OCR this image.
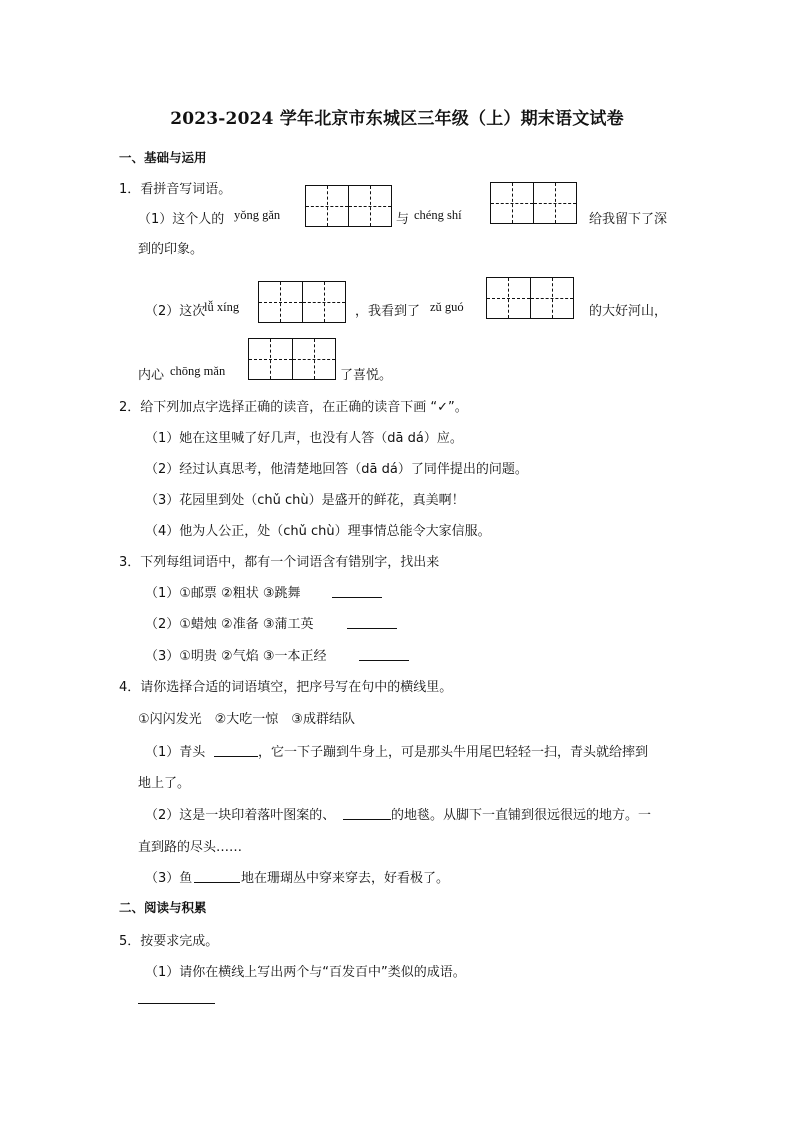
2023-2024 学年北京市东城区三年级（上）期末语文试卷
一、基础与运用
1．看拼音写词语。
（1）这个人的 yǒng gǎn	与 chéng shí	给我留下了深
到的印象。
（2）这次
lǚ xíng	，我看到了 zǔ guó	的大好河山，
内心 chōng mǎn	了喜悦。
2．给下列加点字选择正确的读音，在正确的读音下画 “✓”。
（1）她在这里喊了好几声，也没有人答（dā dá）应。
（2）经过认真思考，他清楚地回答（dā dá）了同伴提出的问题。
（3）花园里到处（chǔ chù）是盛开的鲜花，真美啊！
（4）他为人公正，处（chǔ chù）理事情总能令大家信服。
3．下列每组词语中，都有一个词语含有错别字，找出来
（1）①邮票 ②粗状 ③跳舞
（2）①蜡烛 ②准备 ③蒲工英
（3）①明贵 ②气焰 ③一本正经
4．请你选择合适的词语填空，把序号写在句中的横线里。
①闪闪发光　②大吃一惊　③成群结队
（1）青头	，它一下子蹦到牛身上，可是那头牛用尾巴轻轻一扫，青头就给摔到
地上了。
（2）这是一块印着落叶图案的、	的地毯。从脚下一直铺到很远很远的地方。一
直到路的尽头……
（3）鱼	地在珊瑚丛中穿来穿去，好看极了。
二、阅读与积累
5．按要求完成。
（1）请你在横线上写出两个与“百发百中”类似的成语。
